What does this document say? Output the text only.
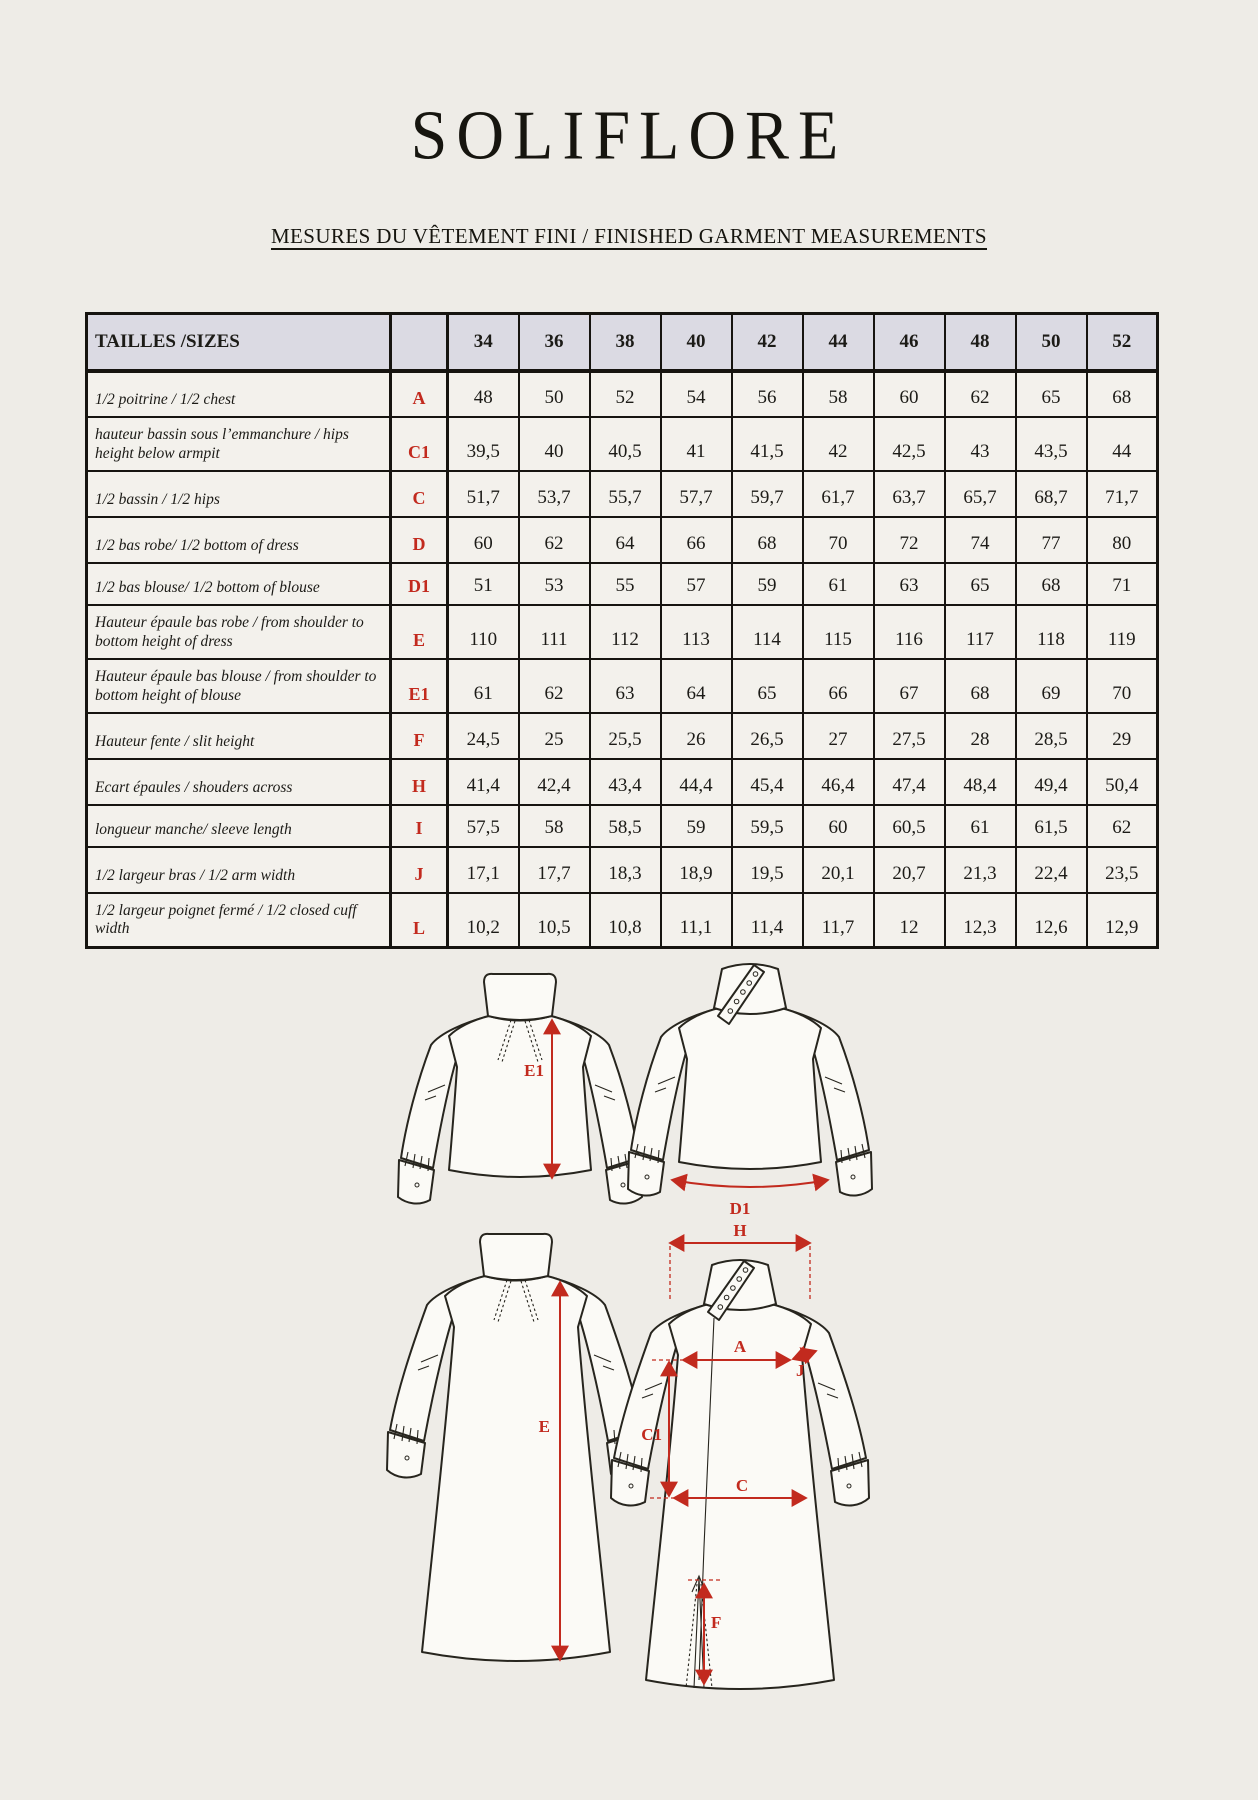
SOLIFLORE
MESURES DU VÊTEMENT FINI / FINISHED GARMENT MEASUREMENTS
TAILLES /SIZES		34	36	38	40	42	44	46	48	50	52
1/2 poitrine / 1/2 chest	A	48	50	52	54	56	58	60	62	65	68
hauteur bassin sous l’emmanchure / hips height below armpit	C1	39,5	40	40,5	41	41,5	42	42,5	43	43,5	44
1/2 bassin / 1/2 hips	C	51,7	53,7	55,7	57,7	59,7	61,7	63,7	65,7	68,7	71,7
1/2 bas robe/ 1/2 bottom of dress	D	60	62	64	66	68	70	72	74	77	80
1/2 bas blouse/ 1/2 bottom of blouse	D1	51	53	55	57	59	61	63	65	68	71
Hauteur épaule bas robe / from shoulder to bottom height of dress	E	110	111	112	113	114	115	116	117	118	119
Hauteur épaule bas blouse / from shoulder to bottom height of blouse	E1	61	62	63	64	65	66	67	68	69	70
Hauteur fente / slit height	F	24,5	25	25,5	26	26,5	27	27,5	28	28,5	29
Ecart épaules / shouders across	H	41,4	42,4	43,4	44,4	45,4	46,4	47,4	48,4	49,4	50,4
longueur manche/ sleeve length	I	57,5	58	58,5	59	59,5	60	60,5	61	61,5	62
1/2 largeur bras / 1/2 arm width	J	17,1	17,7	18,3	18,9	19,5	20,1	20,7	21,3	22,4	23,5
1/2 largeur poignet fermé / 1/2 closed cuff width	L	10,2	10,5	10,8	11,1	11,4	11,7	12	12,3	12,6	12,9
E1
D1
E
H
A
J
C1
C
F
